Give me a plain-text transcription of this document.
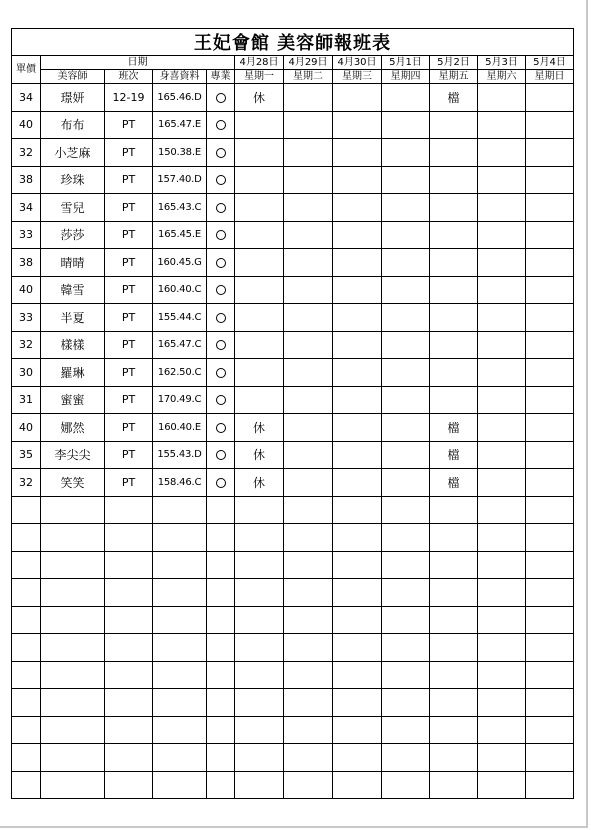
王妃會館 美容師報班表											
單價	日期				4月28日	4月29日	4月30日	5月1日	5月2日	5月3日	5月4日
	美容師	班次	身喜資料	專業	星期一	星期二	星期三	星期四	星期五	星期六	星期日
34	璟妍	12-19	165.46.D		休				檔		
40	布布	PT	165.47.E								
32	小芝麻	PT	150.38.E								
38	珍珠	PT	157.40.D								
34	雪兒	PT	165.43.C								
33	莎莎	PT	165.45.E								
38	晴晴	PT	160.45.G								
40	韓雪	PT	160.40.C								
33	半夏	PT	155.44.C								
32	樣樣	PT	165.47.C								
30	羅琳	PT	162.50.C								
31	蜜蜜	PT	170.49.C								
40	娜然	PT	160.40.E		休				檔		
35	李尖尖	PT	155.43.D		休				檔		
32	笑笑	PT	158.46.C		休				檔		
